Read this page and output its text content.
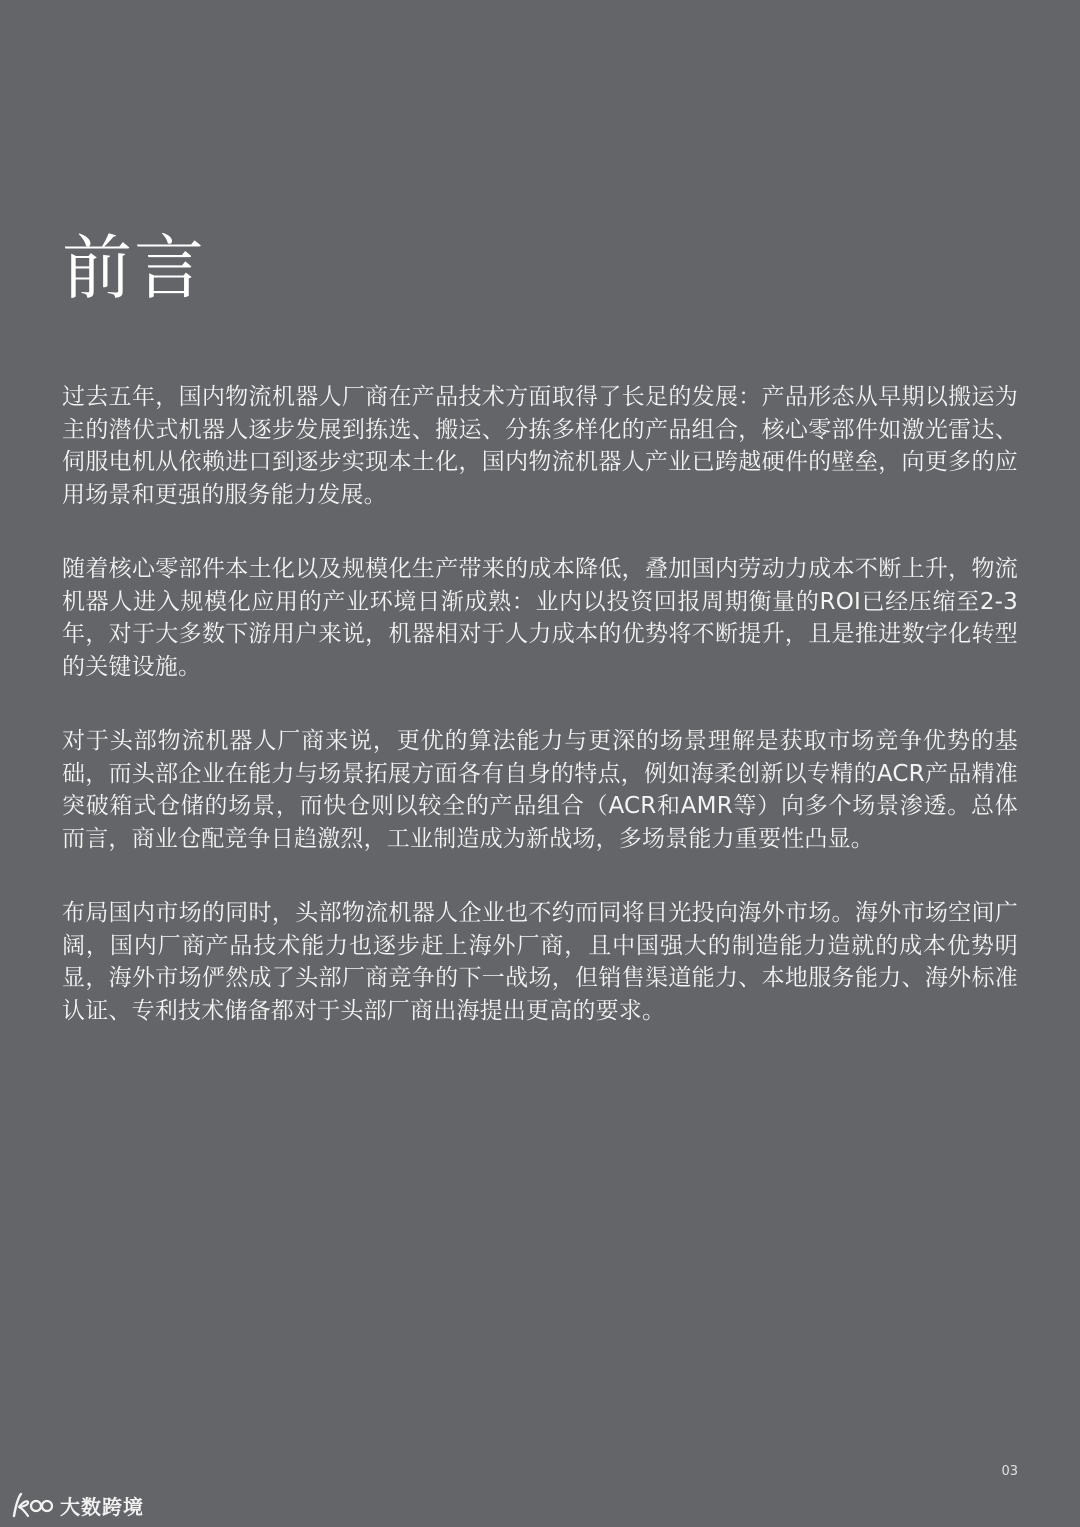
前言

过去五年，国内物流机器人厂商在产品技术方面取得了长足的发展：产品形态从早期以搬运为主的潜伏式机器人逐步发展到拣选、搬运、分拣多样化的产品组合，核心零部件如激光雷达、伺服电机从依赖进口到逐步实现本土化，国内物流机器人产业已跨越硬件的壁垒，向更多的应用场景和更强的服务能力发展。

随着核心零部件本土化以及规模化生产带来的成本降低，叠加国内劳动力成本不断上升，物流机器人进入规模化应用的产业环境日渐成熟：业内以投资回报周期衡量的ROI已经压缩至2-3年，对于大多数下游用户来说，机器相对于人力成本的优势将不断提升，且是推进数字化转型的关键设施。

对于头部物流机器人厂商来说，更优的算法能力与更深的场景理解是获取市场竞争优势的基础，而头部企业在能力与场景拓展方面各有自身的特点，例如海柔创新以专精的ACR产品精准突破箱式仓储的场景，而快仓则以较全的产品组合（ACR和AMR等）向多个场景渗透。总体而言，商业仓配竞争日趋激烈，工业制造成为新战场，多场景能力重要性凸显。

布局国内市场的同时，头部物流机器人企业也不约而同将目光投向海外市场。海外市场空间广阔，国内厂商产品技术能力也逐步赶上海外厂商，且中国强大的制造能力造就的成本优势明显，海外市场俨然成了头部厂商竞争的下一战场，但销售渠道能力、本地服务能力、海外标准认证、专利技术储备都对于头部厂商出海提出更高的要求。

03
大数跨境
